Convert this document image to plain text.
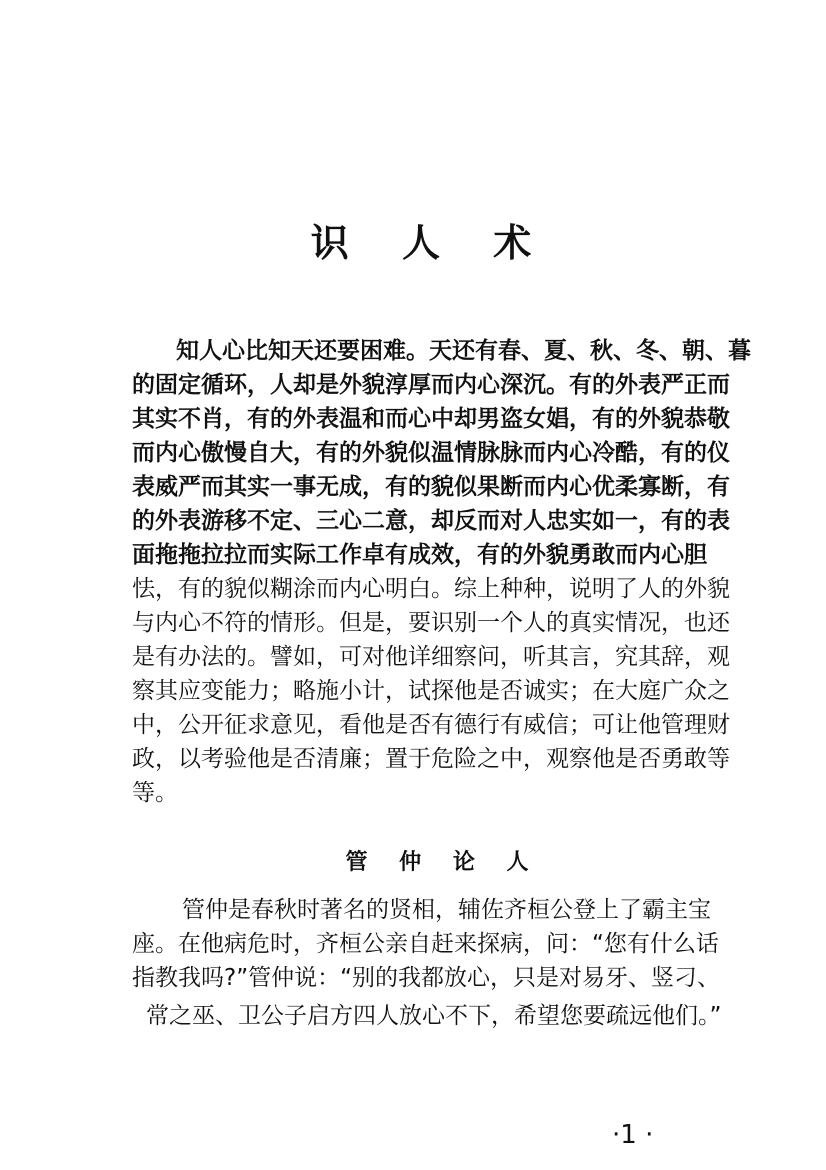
识 人 术

知人心比知天还要困难。天还有春、夏、秋、冬、朝、暮

的固定循环，人却是外貌淳厚而内心深沉。有的外表严正而

其实不肖，有的外表温和而心中却男盗女娼，有的外貌恭敬

而内心傲慢自大，有的外貌似温情脉脉而内心冷酷，有的仪

表威严而其实一事无成，有的貌似果断而内心优柔寡断，有

的外表游移不定、三心二意，却反而对人忠实如一，有的表

面拖拖拉拉而实际工作卓有成效，有的外貌勇敢而内心胆

怯，有的貌似糊涂而内心明白。综上种种，说明了人的外貌

与内心不符的情形。但是，要识别一个人的真实情况，也还

是有办法的。譬如，可对他详细察问，听其言，究其辞，观

察其应变能力；略施小计，试探他是否诚实；在大庭广众之

中，公开征求意见，看他是否有德行有威信；可让他管理财

政，以考验他是否清廉；置于危险之中，观察他是否勇敢等

等。

管 仲 论 人

管仲是春秋时著名的贤相，辅佐齐桓公登上了霸主宝

座。在他病危时，齐桓公亲自赶来探病，问：“您有什么话

指教我吗?”管仲说：“别的我都放心，只是对易牙、竖刁、

常之巫、卫公子启方四人放心不下，希望您要疏远他们。”

·1 ·
